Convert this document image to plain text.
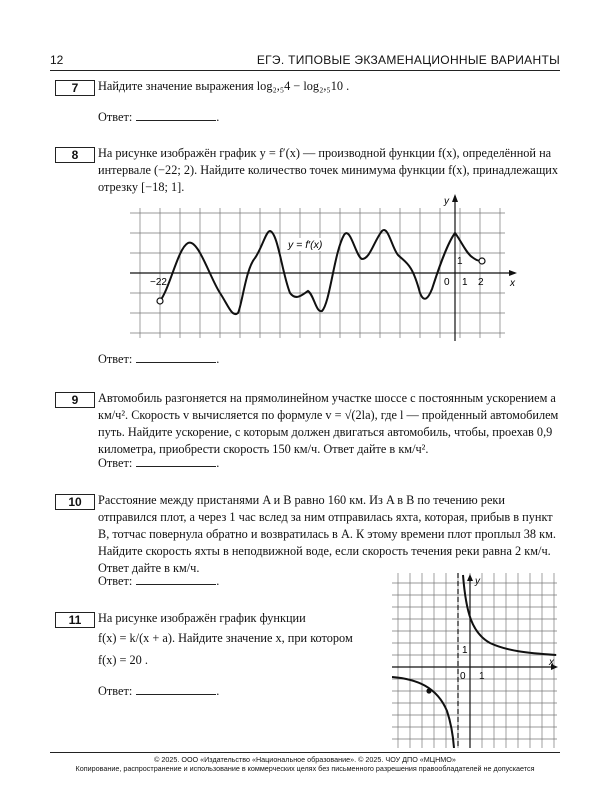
12	ЕГЭ. ТИПОВЫЕ ЭКЗАМЕНАЦИОННЫЕ ВАРИАНТЫ
7	Найдите значение выражения log₂,₅4 − log₂,₅10 .
Ответ:	.
8	На рисунке изображён график y = f′(x) — производной функции f(x), определённой на интервале (−22; 2). Найдите количество точек минимума функции f(x), принадлежащих отрезку [−18; 1].
Ответ:	.
y = f′(x)
−22	0 1 2
1
x
y
9	Автомобиль разгоняется на прямолинейном участке шоссе с постоянным ускорением a км/ч². Скорость v вычисляется по формуле v = √(2la), где l — пройденный автомобилем путь. Найдите ускорение, с которым должен двигаться автомобиль, чтобы, проехав 0,9 километра, приобрести скорость 150 км/ч. Ответ дайте в км/ч².
Ответ:	.
10	Расстояние между пристанями A и B равно 160 км. Из A в B по течению реки отправился плот, а через 1 час вслед за ним отправилась яхта, которая, прибыв в пункт B, тотчас повернула обратно и возвратилась в A. К этому времени плот проплыл 38 км. Найдите скорость яхты в неподвижной воде, если скорость течения реки равна 2 км/ч. Ответ дайте в км/ч.
Ответ:	.
11	На рисунке изображён график функции
f(x) = k/(x + a). Найдите значение x, при котором
f(x) = 20 .
Ответ:	.
0 1
1
x
y
© 2025. ООО «Издательство «Национальное образование». © 2025. ЧОУ ДПО «МЦНМО»
Копирование, распространение и использование в коммерческих целях без письменного разрешения правообладателей не допускается
